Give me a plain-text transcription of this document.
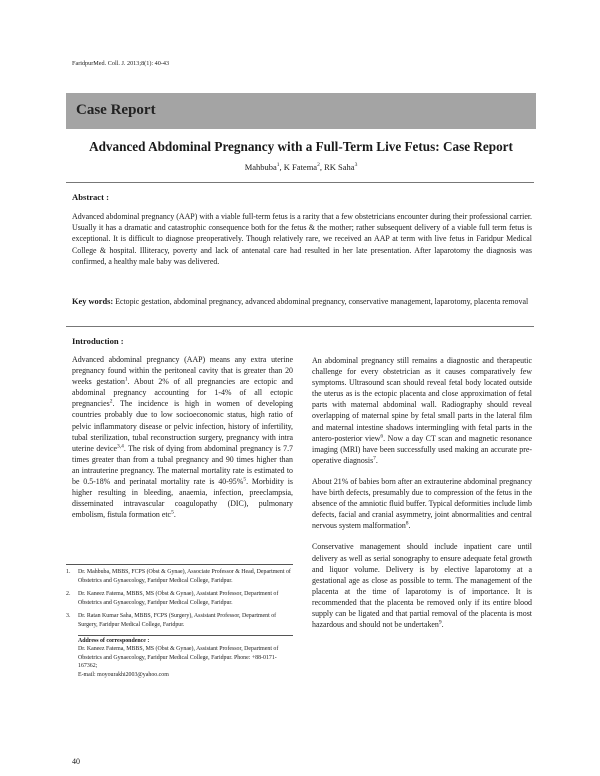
FaridpurMed. Coll. J. 2013;8(1): 40-43
Case Report
Advanced Abdominal Pregnancy with a Full-Term Live Fetus: Case Report
Mahbuba$^1$, K Fatema$^2$, RK Saha$^3$
Abstract :
Advanced abdominal pregnancy (AAP) with a viable full-term fetus is a rarity that a few obstetricians encounter during their professional carrier. Usually it has a dramatic and catastrophic consequence both for the fetus & the mother; rather subsequent delivery of a viable full term fetus is exceptional. It is difficult to diagnose preoperatively. Though relatively rare, we received an AAP at term with live fetus in Faridpur Medical College & hospital. Illiteracy, poverty and lack of antenatal care had resulted in her late presentation. After laparotomy the diagnosis was confirmed, a healthy male baby was delivered.
Key words: Ectopic gestation, abdominal pregnancy, advanced abdominal pregnancy, conservative management, laparotomy, placenta removal
Introduction :

Advanced abdominal pregnancy (AAP) means any extra uterine pregnancy found within the peritoneal cavity that is greater than 20 weeks gestation$^1$. About 2% of all pregnancies are ectopic and abdominal pregnancy accounting for 1-4% of all ectopic pregnancies$^2$. The incidence is high in women of developing countries probably due to low socioeconomic status, high ratio of pelvic inflammatory disease or pelvic infection, history of infertility, tubal sterilization, tubal reconstruction surgery, pregnancy with intra uterine device$^{3,4}$. The risk of dying from abdominal pregnancy is 7.7 times greater than from a tubal pregnancy and 90 times higher than an intrauterine pregnancy. The maternal mortality rate is estimated to be 0.5-18% and perinatal mortality rate is 40-95%$^5$. Morbidity is higher resulting in bleeding, anaemia, infection, preeclampsia, disseminated intravascular coagulopathy (DIC), pulmonary embolism, fistula formation etc$^5$.

An abdominal pregnancy still remains a diagnostic and therapeutic challenge for every obstetrician as it causes comparatively few symptoms. Ultrasound scan should reveal fetal body located outside the uterus as is the ectopic placenta and close approximation of fetal parts with maternal abdominal wall. Radiography should reveal overlapping of maternal spine by fetal small parts in the lateral film and maternal intestine shadows intermingling with fetal parts in the antero-posterior view$^6$. Now a day CT scan and magnetic resonance imaging (MRI) have been successfully used making an accurate pre-operative diagnosis$^7$.

About 21% of babies born after an extrauterine abdominal pregnancy have birth defects, presumably due to compression of the fetus in the absence of the amniotic fluid buffer. Typical deformities include limb defects, facial and cranial asymmetry, joint abnormalities and central nervous system malformation$^8$.

Conservative management should include inpatient care until delivery as well as serial sonography to ensure adequate fetal growth and liquor volume. Delivery is by elective laparotomy at a gestational age as close as possible to term. The management of the placenta at the time of laparotomy is of importance. It is recommended that the placenta be removed only if its entire blood supply can be ligated and that partial removal of the placenta is most hazardous and should not be undertaken$^9$.

1.	Dr. Mahbuba, MBBS, FCPS (Obst & Gynae), Associate Professor & Head, Department of Obstetrics and Gynaecology, Faridpur Medical College, Faridpur.
2.	Dr. Kaneez Fatema, MBBS, MS (Obst & Gynae), Assistant Professor, Department of Obstetrics and Gynaecology, Faridpur Medical College, Faridpur.
3.	Dr. Ratan Kumar Saha, MBBS, FCPS (Surgery), Assistant Professor, Department of Surgery, Faridpur Medical College, Faridpur.
Address of correspondence :
Dr. Kaneez Fatema, MBBS, MS (Obst & Gynae), Assistant Professor, Department of Obstetrics and Gynaecology, Faridpur Medical College, Faridpur. Phone: +88-0171-167362;
E-mail: moyourakhi2003@yahoo.com
40
